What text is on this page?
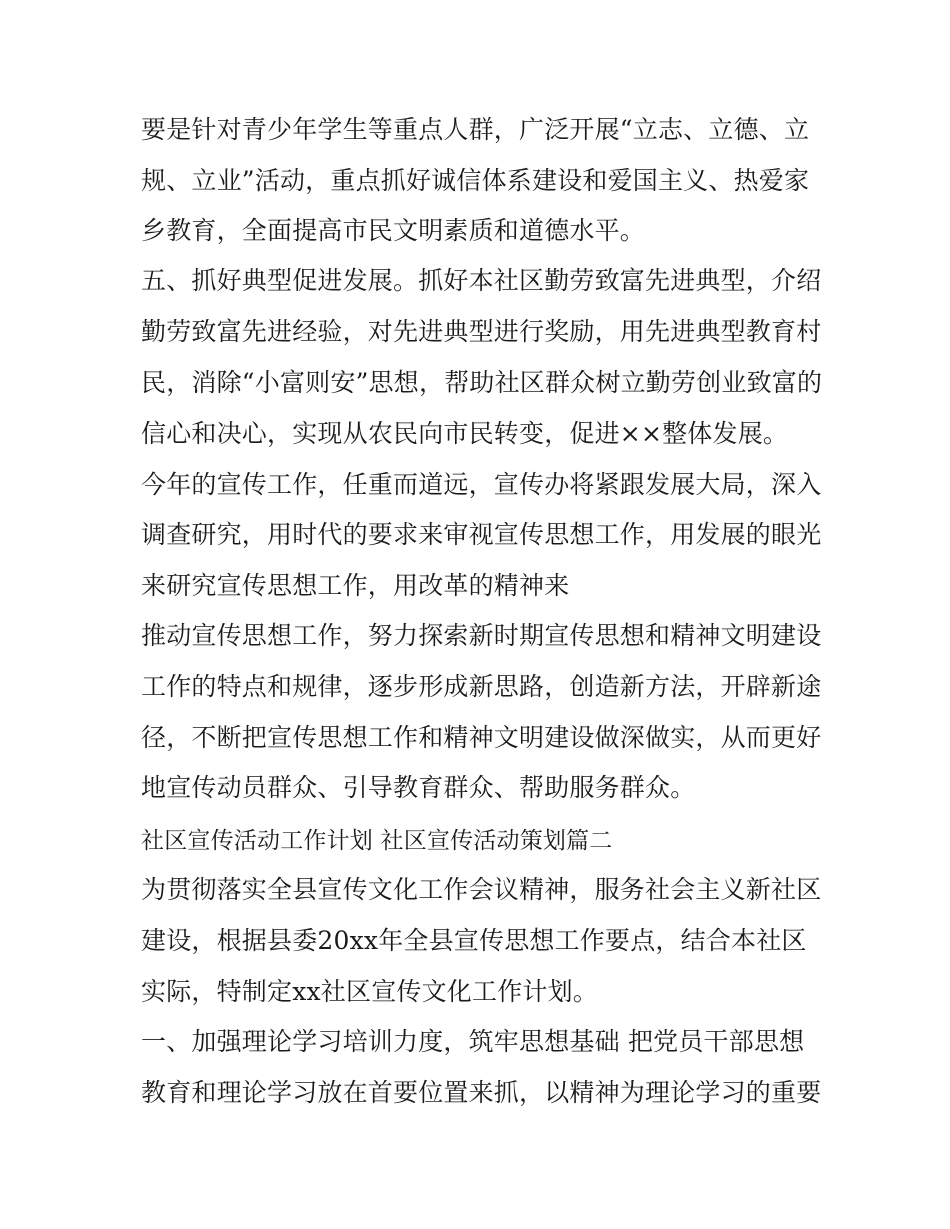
要是针对青少年学生等重点人群，广泛开展“立志、立德、立
规、立业”活动，重点抓好诚信体系建设和爱国主义、热爱家
乡教育，全面提高市民文明素质和道德水平。
五、抓好典型促进发展。抓好本社区勤劳致富先进典型，介绍
勤劳致富先进经验，对先进典型进行奖励，用先进典型教育村
民，消除“小富则安”思想，帮助社区群众树立勤劳创业致富的
信心和决心，实现从农民向市民转变，促进××整体发展。
今年的宣传工作，任重而道远，宣传办将紧跟发展大局，深入
调查研究，用时代的要求来审视宣传思想工作，用发展的眼光
来研究宣传思想工作，用改革的精神来
推动宣传思想工作，努力探索新时期宣传思想和精神文明建设
工作的特点和规律，逐步形成新思路，创造新方法，开辟新途
径，不断把宣传思想工作和精神文明建设做深做实，从而更好
地宣传动员群众、引导教育群众、帮助服务群众。
社区宣传活动工作计划 社区宣传活动策划篇二
为贯彻落实全县宣传文化工作会议精神，服务社会主义新社区
建设，根据县委20xx年全县宣传思想工作要点，结合本社区
实际，特制定xx社区宣传文化工作计划。
一、加强理论学习培训力度，筑牢思想基础 把党员干部思想
教育和理论学习放在首要位置来抓，以精神为理论学习的重要
